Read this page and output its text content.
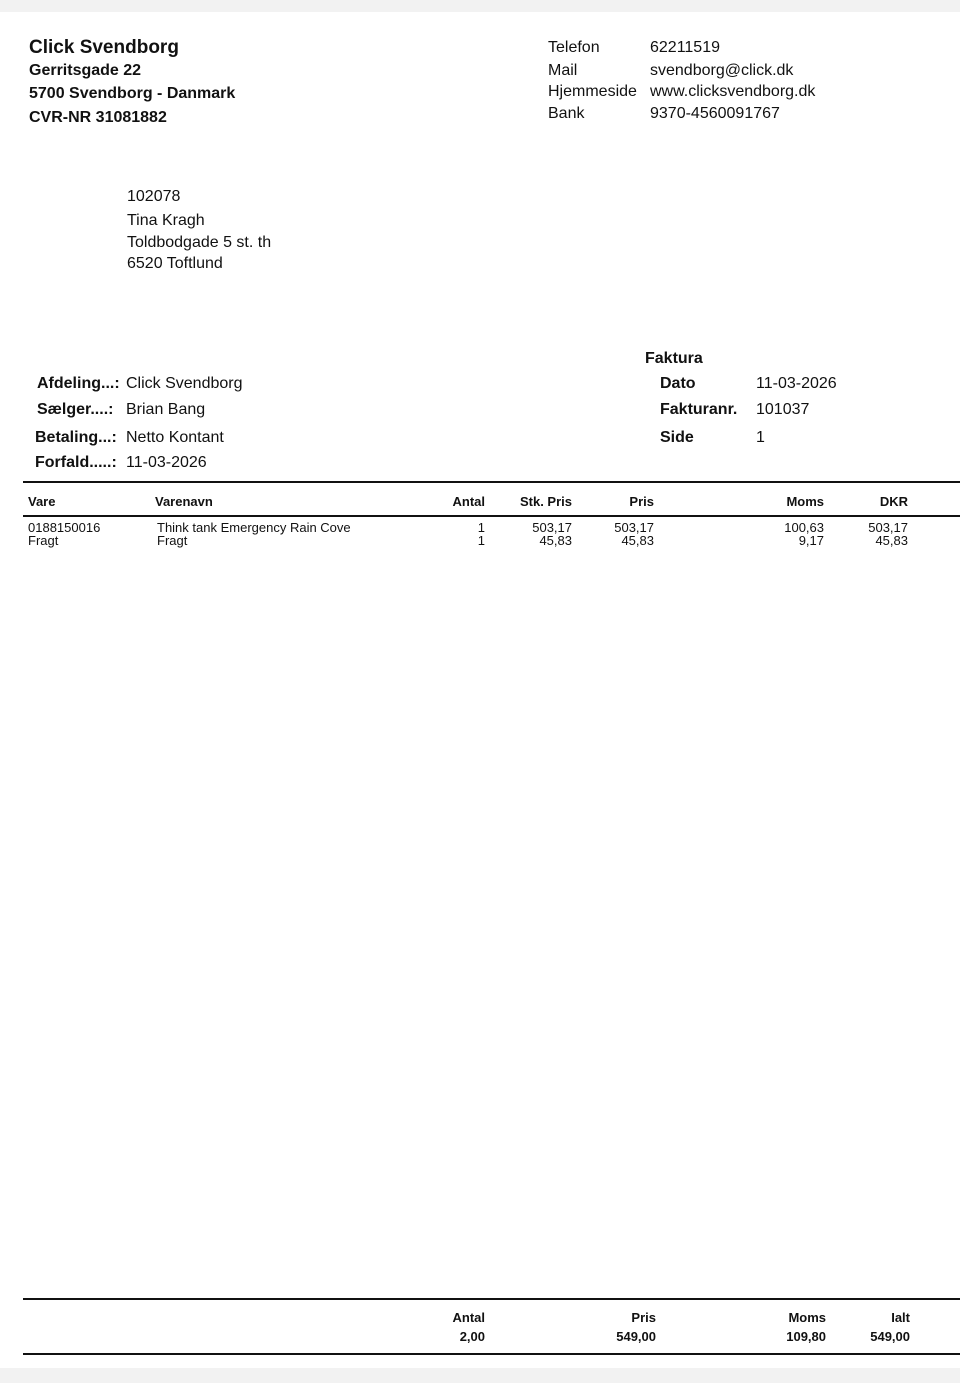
Click Svendborg
Gerritsgade 22
5700 Svendborg - Danmark
CVR-NR 31081882
Telefon	62211519
Mail	svendborg@click.dk
Hjemmeside www.clicksvendborg.dk
Bank	9370-4560091767
102078
Tina Kragh
Toldbodgade 5 st. th
6520 Toftlund
Afdeling...: Click Svendborg
Sælger....: Brian Bang
Betaling...: Netto Kontant
Forfald.....: 11-03-2026
Faktura
Dato	11-03-2026
Fakturanr. 101037
Side	1
Vare	Varenavn	Antal	Stk. Pris	Pris	Moms	DKR
0188150016	Think tank Emergency Rain Cove	1	503,17	503,17	100,63	503,17
Fragt	Fragt	1	45,83	45,83	9,17	45,83
Antal	Pris	Moms	Ialt
2,00	549,00	109,80	549,00
